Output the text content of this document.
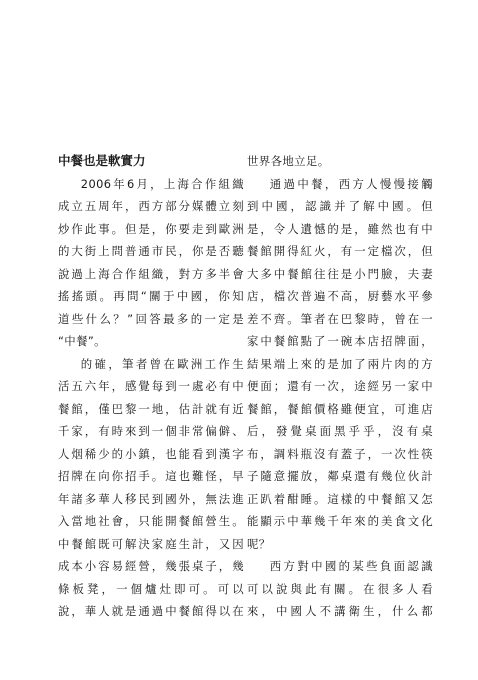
中餐也是軟實力
2006年6月，上海合作組織
成立五周年，西方部分媒體立刻
炒作此事。但是，你要走到歐洲
的大街上問普通市民，你是否聽
說過上海合作組織，對方多半會
搖搖頭。再問“關于中國，你知
道些什么？”回答最多的一定是
“中餐”。
的確，筆者曾在歐洲工作生
活五六年，感覺每到一處必有中
餐館，僅巴黎一地，估計就有近
千家，有時來到一個非常偏僻、
人烟稀少的小鎮，也能看到漢字
招牌在向你招手。這也難怪，早
年諸多華人移民到國外，無法進
入當地社會，只能開餐館營生。
中餐館既可解決家庭生計，又因
成本小容易經營，幾張桌子，幾
條板凳，一個爐灶即可。可以
說，華人就是通過中餐館得以在
世界各地立足。
通過中餐，西方人慢慢接觸
到中國，認識并了解中國。但
是，令人遺憾的是，雖然也有中
餐館開得紅火，有一定檔次，但
大多中餐館往往是小門臉，夫妻
店，檔次普遍不高，厨藝水平參
差不齊。筆者在巴黎時，曾在一
家中餐館點了一碗本店招牌面，
結果端上來的是加了兩片肉的方
便面；還有一次，途經另一家中
餐館，餐館價格雖便宜，可進店
后，發覺桌面黑乎乎，沒有桌
布，調料瓶沒有蓋子，一次性筷
子隨意擺放，鄰桌還有幾位伙計
正趴着酣睡。這樣的中餐館又怎
能顯示中華幾千年來的美食文化
呢？
西方對中國的某些負面認識
可以說與此有關。在很多人看
來，中國人不講衛生，什么都
